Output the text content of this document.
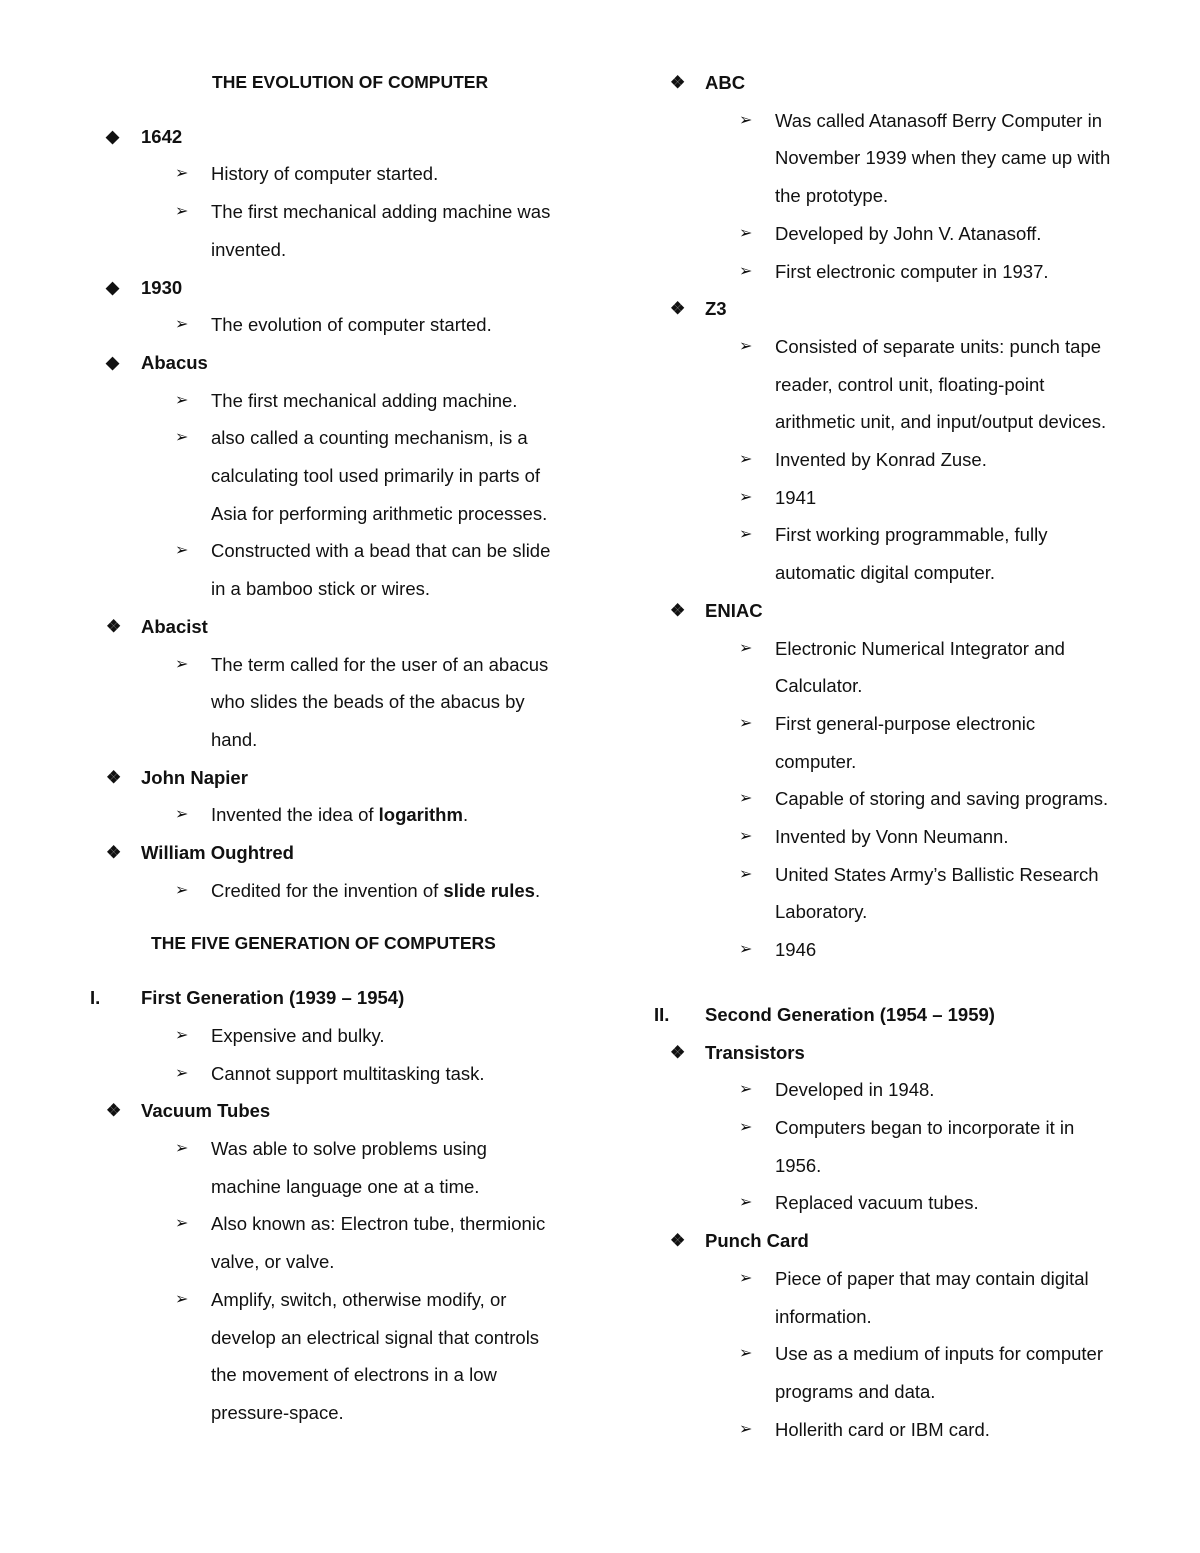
THE EVOLUTION OF COMPUTER
◆ 1642
➢ History of computer started.
➢ The first mechanical adding machine was
invented.
◆ 1930
➢ The evolution of computer started.
◆ Abacus
➢ The first mechanical adding machine.
➢ also called a counting mechanism, is a
calculating tool used primarily in parts of
Asia for performing arithmetic processes.
➢ Constructed with a bead that can be slide
in a bamboo stick or wires.
❖ Abacist
➢ The term called for the user of an abacus
who slides the beads of the abacus by
hand.
❖ John Napier
➢ Invented the idea of logarithm.
❖ William Oughtred
➢ Credited for the invention of slide rules.
THE FIVE GENERATION OF COMPUTERS
I. First Generation (1939 – 1954)
➢ Expensive and bulky.
➢ Cannot support multitasking task.
❖ Vacuum Tubes
➢ Was able to solve problems using
machine language one at a time.
➢ Also known as: Electron tube, thermionic
valve, or valve.
➢ Amplify, switch, otherwise modify, or
develop an electrical signal that controls
the movement of electrons in a low
pressure-space.
❖ ABC
➢ Was called Atanasoff Berry Computer in
November 1939 when they came up with
the prototype.
➢ Developed by John V. Atanasoff.
➢ First electronic computer in 1937.
❖ Z3
➢ Consisted of separate units: punch tape
reader, control unit, floating-point
arithmetic unit, and input/output devices.
➢ Invented by Konrad Zuse.
➢ 1941
➢ First working programmable, fully
automatic digital computer.
❖ ENIAC
➢ Electronic Numerical Integrator and
Calculator.
➢ First general-purpose electronic
computer.
➢ Capable of storing and saving programs.
➢ Invented by Vonn Neumann.
➢ United States Army’s Ballistic Research
Laboratory.
➢ 1946
II. Second Generation (1954 – 1959)
❖ Transistors
➢ Developed in 1948.
➢ Computers began to incorporate it in
1956.
➢ Replaced vacuum tubes.
❖ Punch Card
➢ Piece of paper that may contain digital
information.
➢ Use as a medium of inputs for computer
programs and data.
➢ Hollerith card or IBM card.
